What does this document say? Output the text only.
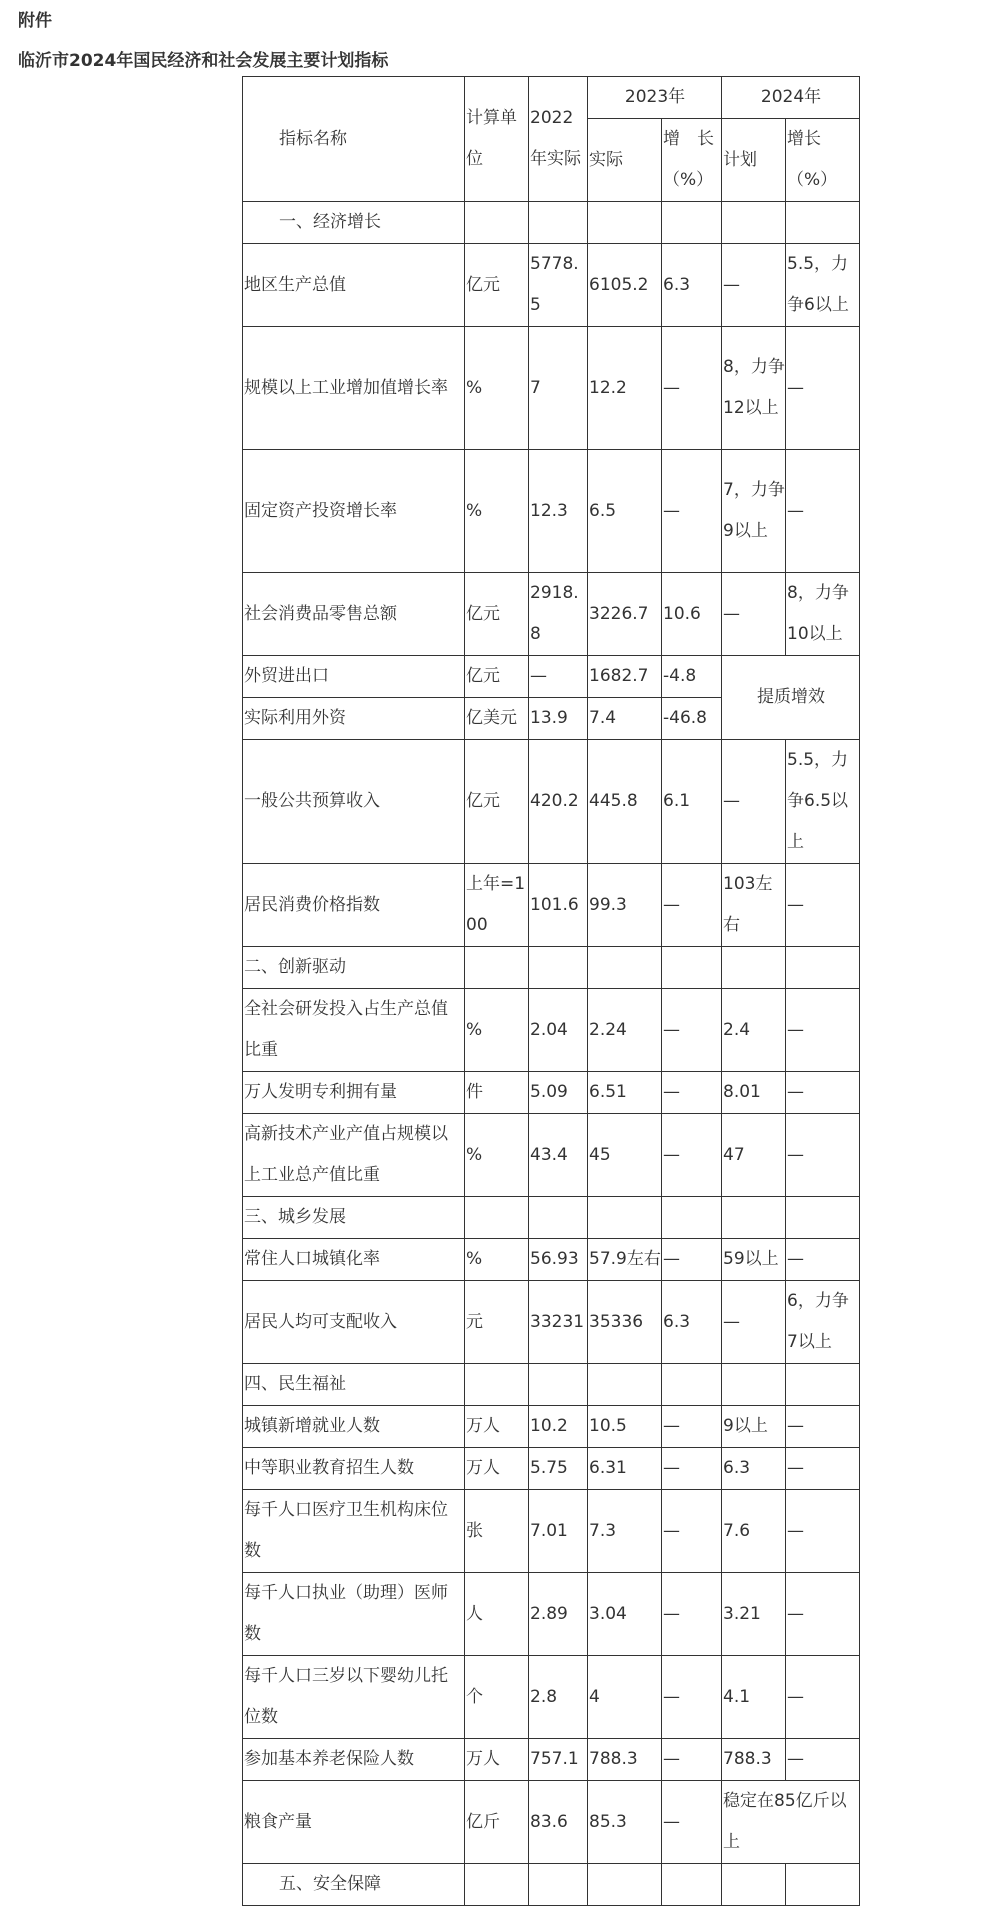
附件
临沂市2024年国民经济和社会发展主要计划指标
指标名称	计算单位	2022年实际	2023年		2024年	
			实际	增　长（%）	计划	增长（%）
一、经济增长						
地区生产总值	亿元	5778.5	6105.2	6.3	—	5.5，力争6以上
规模以上工业增加值增长率	%	7	12.2	—	8，力争12以上	—
固定资产投资增长率	%	12.3	6.5	—	7，力争9以上	—
社会消费品零售总额	亿元	2918.8	3226.7	10.6	—	8，力争10以上
外贸进出口	亿元	—	1682.7	-4.8	提质增效	
实际利用外资	亿美元	13.9	7.4	-46.8		
一般公共预算收入	亿元	420.2	445.8	6.1	—	5.5，力争6.5以上
居民消费价格指数	上年=100	101.6	99.3	—	103左右	—
二、创新驱动						
全社会研发投入占生产总值比重	%	2.04	2.24	—	2.4	—
万人发明专利拥有量	件	5.09	6.51	—	8.01	—
高新技术产业产值占规模以上工业总产值比重	%	43.4	45	—	47	—
三、城乡发展						
常住人口城镇化率	%	56.93	57.9左右	—	59以上	—
居民人均可支配收入	元	33231	35336	6.3	—	6，力争7以上
四、民生福祉						
城镇新增就业人数	万人	10.2	10.5	—	9以上	—
中等职业教育招生人数	万人	5.75	6.31	—	6.3	—
每千人口医疗卫生机构床位数	张	7.01	7.3	—	7.6	—
每千人口执业（助理）医师数	人	2.89	3.04	—	3.21	—
每千人口三岁以下婴幼儿托位数	个	2.8	4	—	4.1	—
参加基本养老保险人数	万人	757.1	788.3	—	788.3	—
粮食产量	亿斤	83.6	85.3	—	稳定在85亿斤以上	
五、安全保障						
